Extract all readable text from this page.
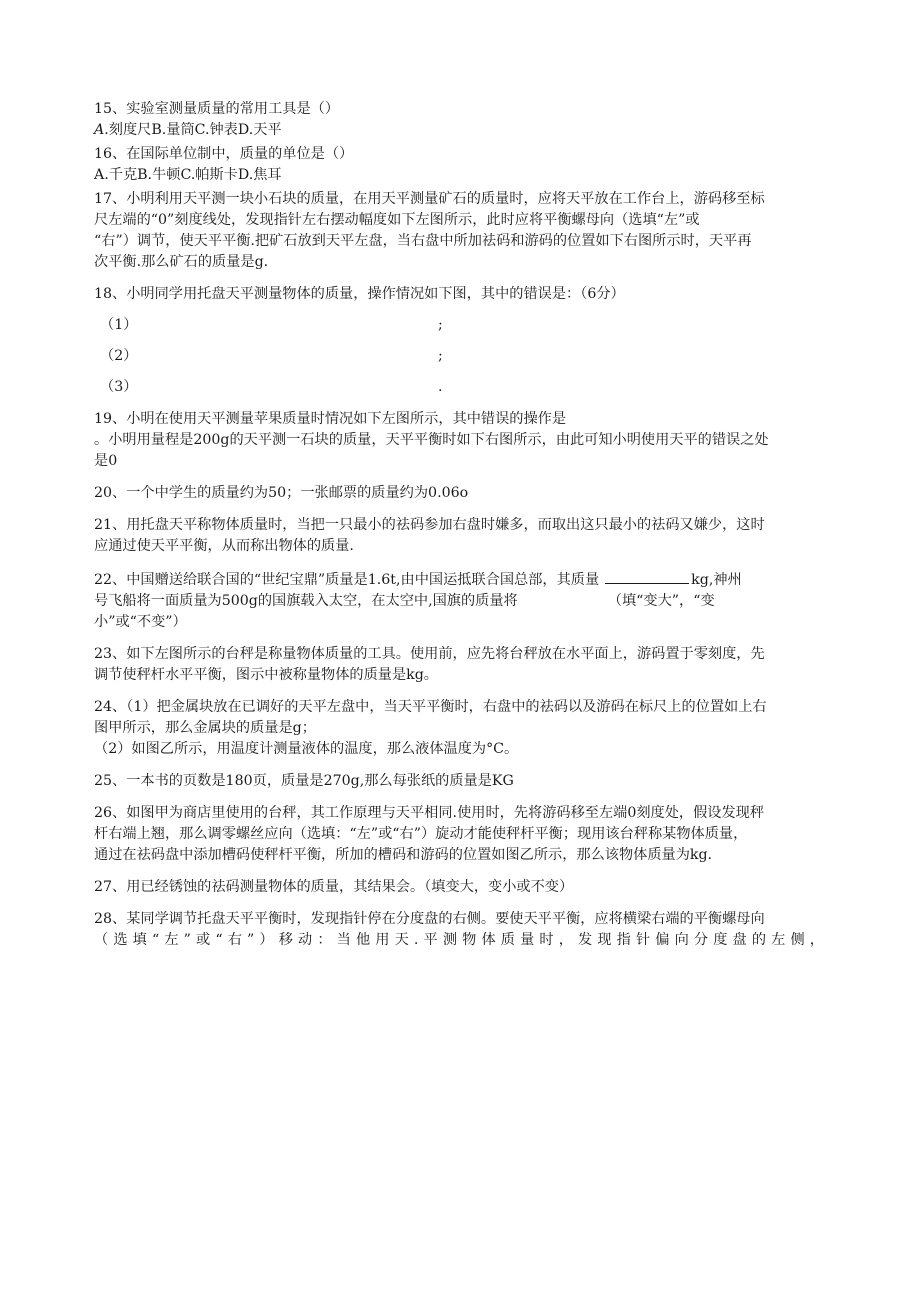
15、实验室测量质量的常用工具是（）

A.刻度尺B.量筒C.钟表D.天平

16、在国际单位制中，质量的单位是（）

A.千克B.牛顿C.帕斯卡D.焦耳

17、小明利用天平测一块小石块的质量，在用天平测量矿石的质量时，应将天平放在工作台上，游码移至标

尺左端的“0”刻度线处，发现指针左右摆动幅度如下左图所示，此时应将平衡螺母向（选填“左”或

“右”）调节，使天平平衡.把矿石放到天平左盘，当右盘中所加祛码和游码的位置如下右图所示时，天平再

次平衡.那么矿石的质量是g.

18、小明同学用托盘天平测量物体的质量，操作情况如下图，其中的错误是：（6分）

（1）	;
（2）	;
（3）	.

19、小明在使用天平测量苹果质量时情况如下左图所示，其中错误的操作是

。小明用量程是200g的天平测一石块的质量，天平平衡时如下右图所示，由此可知小明使用天平的错误之处

是0

20、一个中学生的质量约为50；一张邮票的质量约为0.06o

21、用托盘天平称物体质量时，当把一只最小的祛码参加右盘时嫌多，而取出这只最小的祛码又嫌少，这时

应通过使天平平衡，从而称出物体的质量.

22、中国赠送给联合国的“世纪宝鼎”质量是1.6t,由中国运抵联合国总部，其质量	kg,神州

号飞船将一面质量为500g的国旗载入太空，在太空中,国旗的质量将	（填“变大”，“变

小”或“不变”）

23、如下左图所示的台秤是称量物体质量的工具。使用前，应先将台秤放在水平面上，游码置于零刻度，先

调节使秤杆水平平衡，图示中被称量物体的质量是kg。

24、（1）把金属块放在已调好的天平左盘中，当天平平衡时，右盘中的祛码以及游码在标尺上的位置如上右

图甲所示，那么金属块的质量是g；

（2）如图乙所示，用温度计测量液体的温度，那么液体温度为°C。

25、一本书的页数是180页，质量是270g,那么每张纸的质量是KG

26、如图甲为商店里使用的台秤，其工作原理与天平相同.使用时，先将游码移至左端0刻度处，假设发现秤

杆右端上翘，那么调零螺丝应向（选填：“左”或“右”）旋动才能使秤杆平衡；现用该台秤称某物体质量，

通过在祛码盘中添加槽码使秤杆平衡，所加的槽码和游码的位置如图乙所示，那么该物体质量为kg.

27、用已经锈蚀的祛码测量物体的质量，其结果会。（填变大，变小或不变）

28、某同学调节托盘天平平衡时，发现指针停在分度盘的右侧。要使天平平衡，应将横梁右端的平衡螺母向

（选填“左”或“右”）移动：当他用天.平测物体质量时，发现指针偏向分度盘的左侧，
